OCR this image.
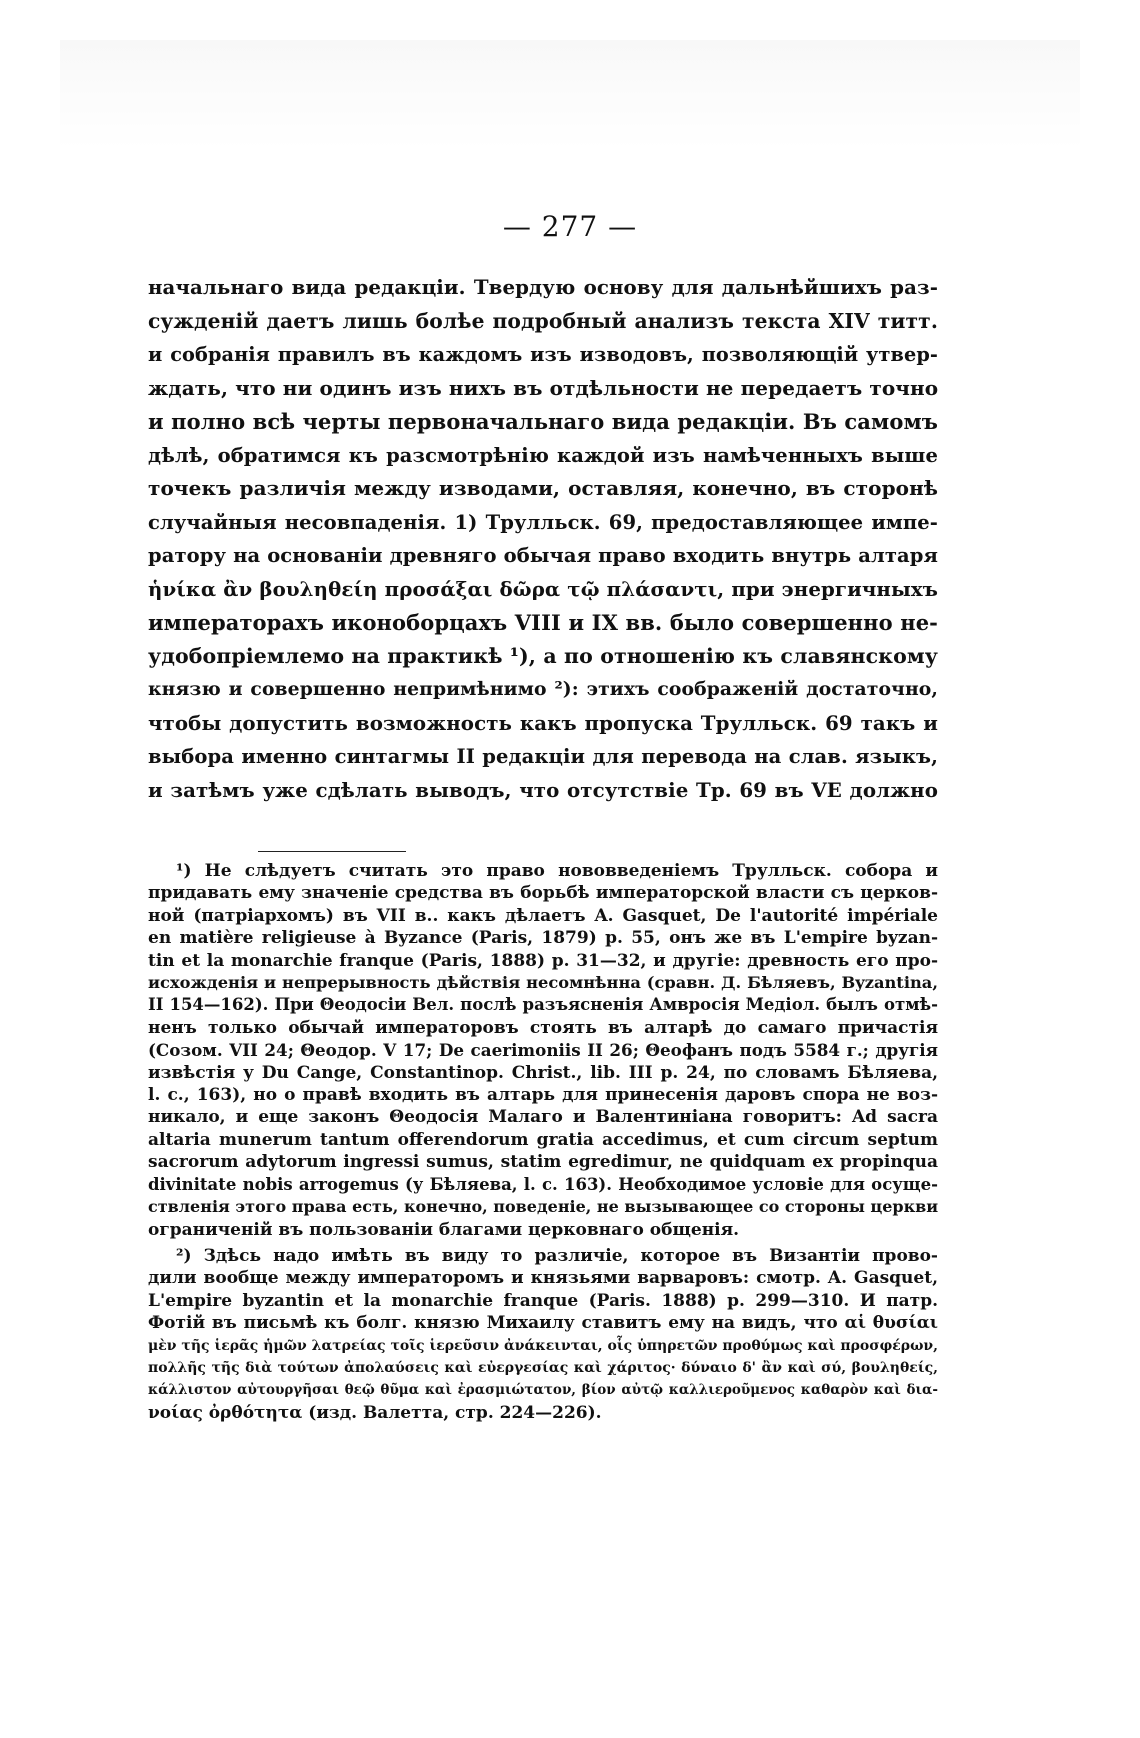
— 277 —

начальнаго вида редакціи. Твердую основу для дальнѣйшихъ раз-

сужденій даетъ лишь болѣе подробный анализъ текста XIV титт.

и собранія правилъ въ каждомъ изъ изводовъ, позволяющій утвер-

ждать, что ни одинъ изъ нихъ въ отдѣльности не передаетъ точно

и полно всѣ черты первоначальнаго вида редакціи. Въ самомъ

дѣлѣ, обратимся къ разсмотрѣнію каждой изъ намѣченныхъ выше

точекъ различія между изводами, оставляя, конечно, въ сторонѣ

случайныя несовпаденія. 1) Трулльск. 69, предоставляющее импе-

ратору на основаніи древняго обычая право входить внутрь алтаря

ἡνίκα ἂν βουληθείη προσάξαι δῶρα τῷ πλάσαντι, при энергичныхъ

императорахъ иконоборцахъ VIII и IX вв. было совершенно не-

удобопріемлемо на практикѣ ¹), а по отношенію къ славянскому

князю и совершенно непримѣнимо ²): этихъ соображеній достаточно,

чтобы допустить возможность какъ пропуска Трулльск. 69 такъ и

выбора именно синтагмы II редакціи для перевода на слав. языкъ,

и затѣмъ уже сдѣлать выводъ, что отсутствіе Тр. 69 въ VE должно

¹) Не слѣдуетъ считать это право нововведеніемъ Трулльск. собора и

придавать ему значеніе средства въ борьбѣ императорской власти съ церков-

ной (патріархомъ) въ VII в.. какъ дѣлаетъ A. Gasquet, De l'autorité impériale

en matière religieuse à Byzance (Paris, 1879) p. 55, онъ же въ L'empire byzan-

tin et la monarchie franque (Paris, 1888) p. 31—32, и другіе: древность его про-

исхожденія и непрерывность дѣйствія несомнѣнна (сравн. Д. Бѣляевъ, Byzantina,

II 154—162). При Θеодосіи Вел. послѣ разъясненія Амвросія Медіол. былъ отмѣ-

ненъ только обычай императоровъ стоять въ алтарѣ до самаго причастія

(Созом. VII 24; Θеодор. V 17; De caerimoniis II 26; Θеофанъ подъ 5584 г.; другія

извѣстія у Du Cange, Constantinop. Christ., lib. III p. 24, по словамъ Бѣляева,

l. c., 163), но о правѣ входить въ алтарь для принесенія даровъ спора не воз-

никало, и еще законъ Θеодосія Малаго и Валентиніана говоритъ: Ad sacra

altaria munerum tantum offerendorum gratia accedimus, et cum circum septum

sacrorum adytorum ingressi sumus, statim egredimur, ne quidquam ex propinqua

divinitate nobis arrogemus (у Бѣляева, l. c. 163). Необходимое условіе для осуще-

ствленія этого права есть, конечно, поведеніе, не вызывающее со стороны церкви

ограниченій въ пользованіи благами церковнаго общенія.

²) Здѣсь надо имѣть въ виду то различіе, которое въ Византіи прово-

дили вообще между императоромъ и князьями варваровъ: смотр. A. Gasquet,

L'empire byzantin et la monarchie franque (Paris. 1888) p. 299—310. И патр.

Фотій въ письмѣ къ болг. князю Михаилу ставитъ ему на видъ, что αἱ θυσίαι

μὲν τῆς ἱερᾶς ἡμῶν λατρείας τοῖς ἱερεῦσιν ἀνάκεινται, οἷς ὑπηρετῶν προθύμως καὶ προσφέρων,

πολλῆς τῆς διὰ τούτων ἀπολαύσεις καὶ εὐεργεσίας καὶ χάριτος· δύναιο δ' ἂν καὶ σύ, βουληθείς,

κάλλιστον αὐτουργῆσαι θεῷ θῦμα καὶ ἐρασμιώτατον, βίον αὐτῷ καλλιεροῦμενος καθαρὸν καὶ δια-

νοίας ὀρθότητα (изд. Валетта, стр. 224—226).
